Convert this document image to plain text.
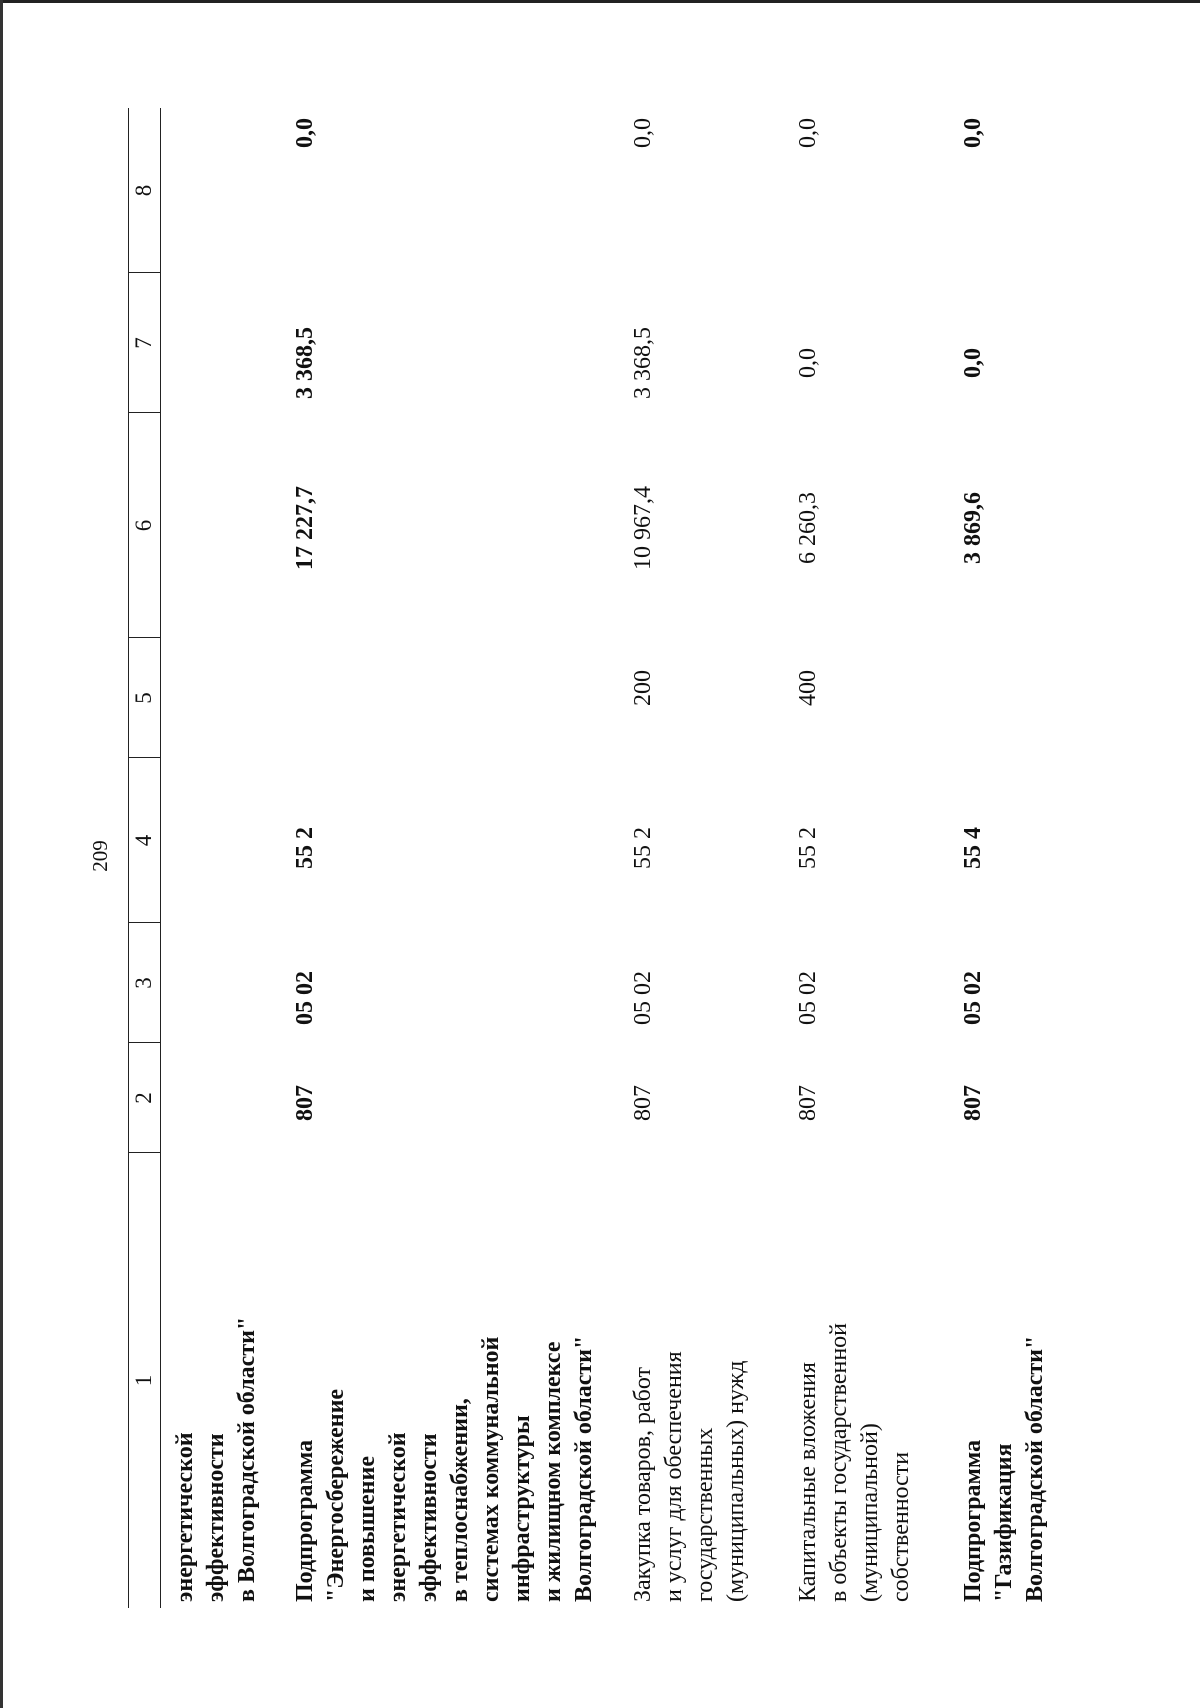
209
1
2
3
4
5
6
7
8
энергетической
эффективности
в Волгоградской области"
Подпрограмма
"Энергосбережение
и повышение
энергетической
эффективности
в теплоснабжении,
системах коммунальной
инфраструктуры
и жилищном комплексе
Волгоградской области"
807
05 02
55 2
17 227,7
3 368,5
0,0
Закупка товаров, работ
и услуг для обеспечения
государственных
(муниципальных) нужд
807
05 02
55 2
200
10 967,4
3 368,5
0,0
Капитальные вложения
в объекты государственной
(муниципальной)
собственности
807
05 02
55 2
400
6 260,3
0,0
0,0
Подпрограмма
"Газификация
Волгоградской области"
807
05 02
55 4
3 869,6
0,0
0,0
